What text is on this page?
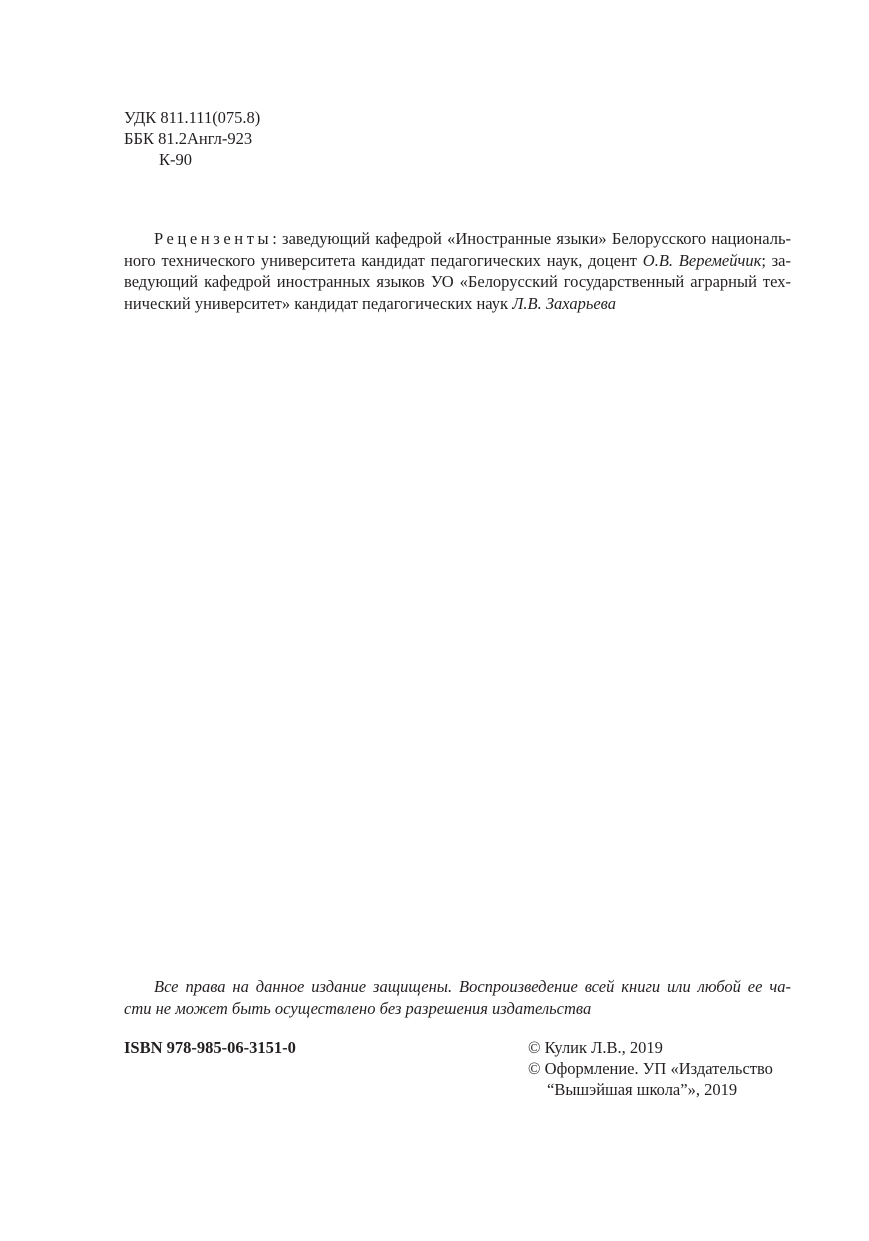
УДК 811.111(075.8)
ББК 81.2Англ-923
К-90
Рецензенты: заведующий кафедрой «Иностранные языки» Белорусского националь-
ного технического университета кандидат педагогических наук, доцент О.В. Веремейчик; за-
ведующий кафедрой иностранных языков УО «Белорусский государственный аграрный тех-
нический университет» кандидат педагогических наук Л.В. Захарьева
Все права на данное издание защищены. Воспроизведение всей книги или любой ее ча-
сти не может быть осуществлено без разрешения издательства
ISBN 978-985-06-3151-0	© Кулик Л.В., 2019
© Оформление. УП «Издательство
“Вышэйшая школа”», 2019
